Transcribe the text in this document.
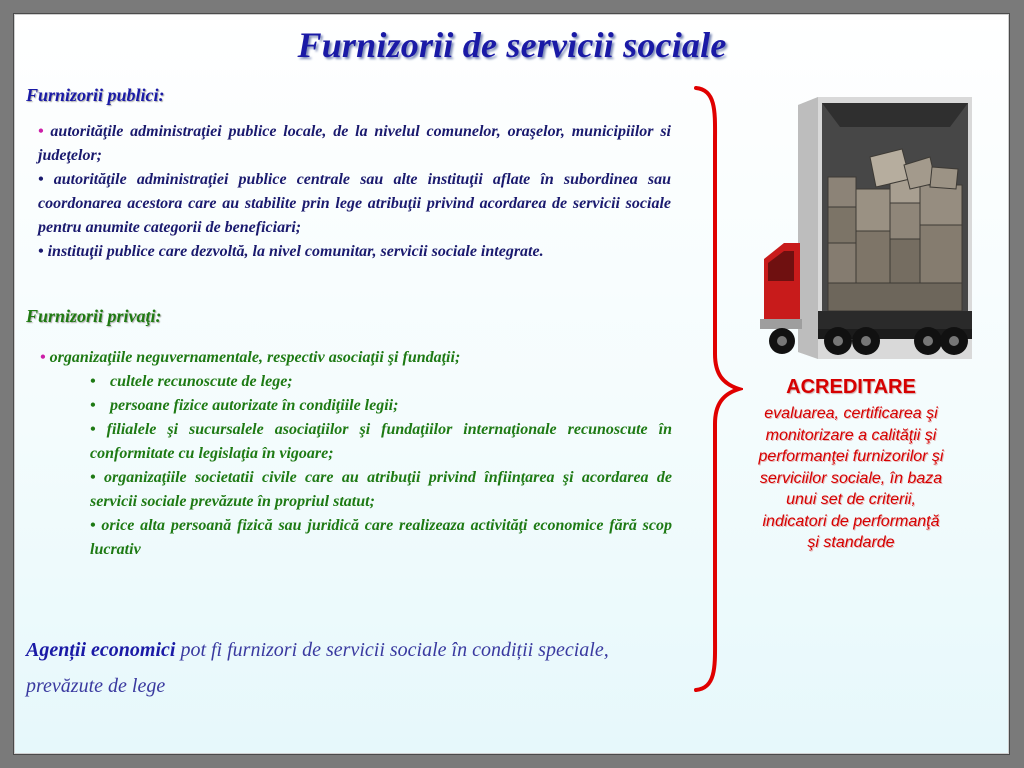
Furnizorii de servicii sociale
Furnizorii publici:

• autorităţile administraţiei publice locale, de la nivelul comunelor, oraşelor, municipiilor si judeţelor;

• autorităţile administraţiei publice centrale sau alte instituţii aflate în subordinea sau coordonarea acestora care au stabilite prin lege atribuţii privind acordarea de servicii sociale pentru anumite categorii de beneficiari;

• instituţii publice care dezvoltă, la nivel comunitar, servicii sociale integrate.

Furnizorii privaţi:
• organizaţiile neguvernamentale, respectiv asociaţii şi fundaţii;

• cultele recunoscute de lege;

• persoane fizice autorizate în condiţiile legii;

• filialele şi sucursalele asociaţiilor şi fundaţiilor internaţionale recunoscute în conformitate cu legislaţia în vigoare;

• organizaţiile societatii civile care au atribuţii privind înfiinţarea şi acordarea de servicii sociale prevăzute în propriul statut;

• orice alta persoană fizică sau juridică care realizeaza activităţi economice fără scop lucrativ

Agenții economici pot fi furnizori de servicii sociale în condiții speciale, prevăzute de lege
ACREDITARE
evaluarea, certificarea şi monitorizare a calităţii şi performanţei furnizorilor şi serviciilor sociale, în baza unui set de criterii, indicatori de performanţă şi standarde
